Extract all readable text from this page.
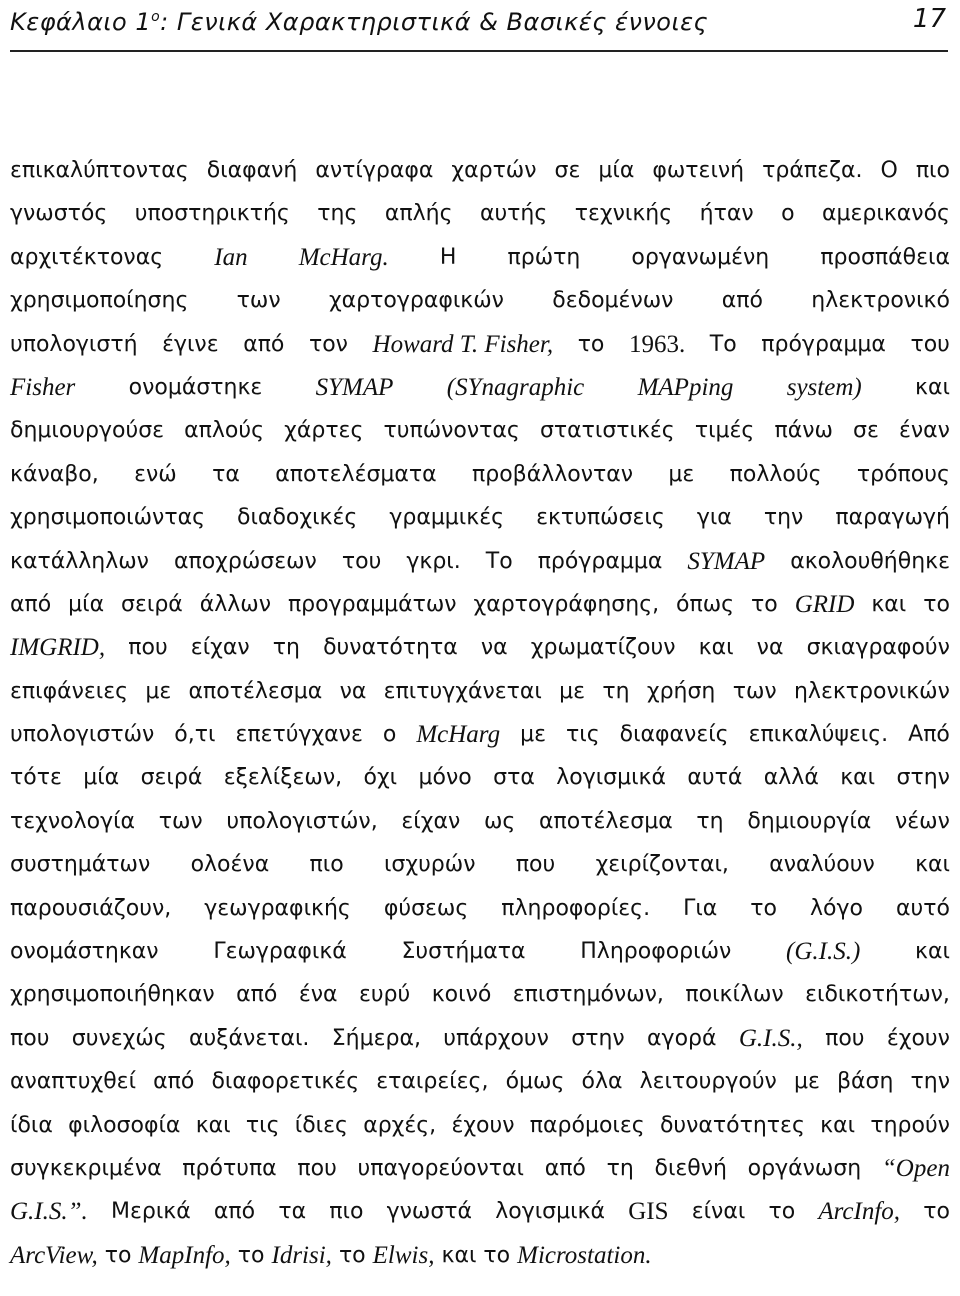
Κεφάλαιο $1^o$: Γενικά Χαρακτηριστικά & Βασικές έννοιες	17
επικαλύπτοντας διαφανή αντίγραφα χαρτών σε μία φωτεινή τράπεζα. Ο πιο
γνωστός υποστηρικτής της απλής αυτής τεχνικής ήταν ο αμερικανός
αρχιτέκτονας Ian McHarg. Η πρώτη οργανωμένη προσπάθεια
χρησιμοποίησης των χαρτογραφικών δεδομένων από ηλεκτρονικό
υπολογιστή έγινε από τον Howard T. Fisher, το 1963. Το πρόγραμμα του
Fisher ονομάστηκε SYMAP (SYnagraphic MAPping system) και
δημιουργούσε απλούς χάρτες τυπώνοντας στατιστικές τιμές πάνω σε έναν
κάναβο, ενώ τα αποτελέσματα προβάλλονταν με πολλούς τρόπους
χρησιμοποιώντας διαδοχικές γραμμικές εκτυπώσεις για την παραγωγή
κατάλληλων αποχρώσεων του γκρι. Το πρόγραμμα SYMAP ακολουθήθηκε
από μία σειρά άλλων προγραμμάτων χαρτογράφησης, όπως το GRID και το
IMGRID, που είχαν τη δυνατότητα να χρωματίζουν και να σκιαγραφούν
επιφάνειες με αποτέλεσμα να επιτυγχάνεται με τη χρήση των ηλεκτρονικών
υπολογιστών ό,τι επετύγχανε ο McHarg με τις διαφανείς επικαλύψεις. Από
τότε μία σειρά εξελίξεων, όχι μόνο στα λογισμικά αυτά αλλά και στην
τεχνολογία των υπολογιστών, είχαν ως αποτέλεσμα τη δημιουργία νέων
συστημάτων ολοένα πιο ισχυρών που χειρίζονται, αναλύουν και
παρουσιάζουν, γεωγραφικής φύσεως πληροφορίες. Για το λόγο αυτό
ονομάστηκαν Γεωγραφικά Συστήματα Πληροφοριών (G.I.S.) και
χρησιμοποιήθηκαν από ένα ευρύ κοινό επιστημόνων, ποικίλων ειδικοτήτων,
που συνεχώς αυξάνεται. Σήμερα, υπάρχουν στην αγορά G.I.S., που έχουν
αναπτυχθεί από διαφορετικές εταιρείες, όμως όλα λειτουργούν με βάση την
ίδια φιλοσοφία και τις ίδιες αρχές, έχουν παρόμοιες δυνατότητες και τηρούν
συγκεκριμένα πρότυπα που υπαγορεύονται από τη διεθνή οργάνωση “Open
G.I.S.”. Μερικά από τα πιο γνωστά λογισμικά GIS είναι το ArcInfo, το
ArcView, το MapInfo, το Idrisi, το Elwis, και το Microstation.
